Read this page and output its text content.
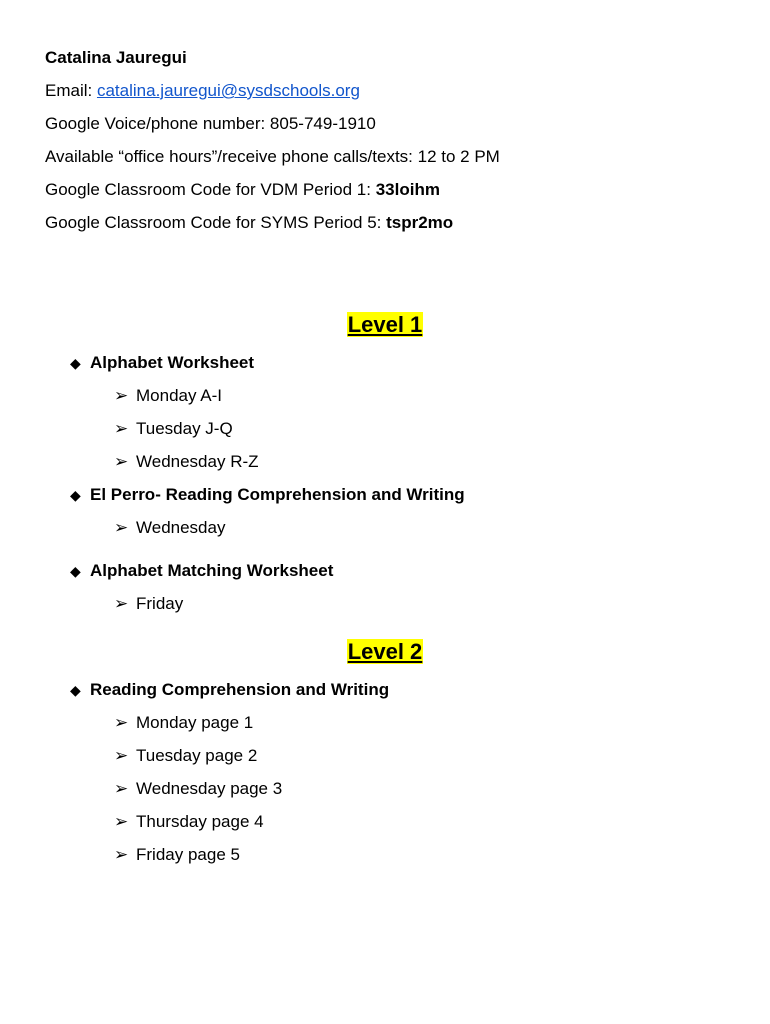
Catalina Jauregui
Email: catalina.jauregui@sysdschools.org
Google Voice/phone number: 805-749-1910
Available “office hours”/receive phone calls/texts: 12 to 2 PM
Google Classroom Code for VDM Period 1: 33loihm
Google Classroom Code for SYMS Period 5: tspr2mo
Level 1
◆ Alphabet Worksheet
➢ Monday A-I
➢ Tuesday J-Q
➢ Wednesday R-Z
◆ El Perro- Reading Comprehension and Writing
➢ Wednesday
◆ Alphabet Matching Worksheet
➢ Friday
Level 2
◆ Reading Comprehension and Writing
➢ Monday page 1
➢ Tuesday page 2
➢ Wednesday page 3
➢ Thursday page 4
➢ Friday page 5
